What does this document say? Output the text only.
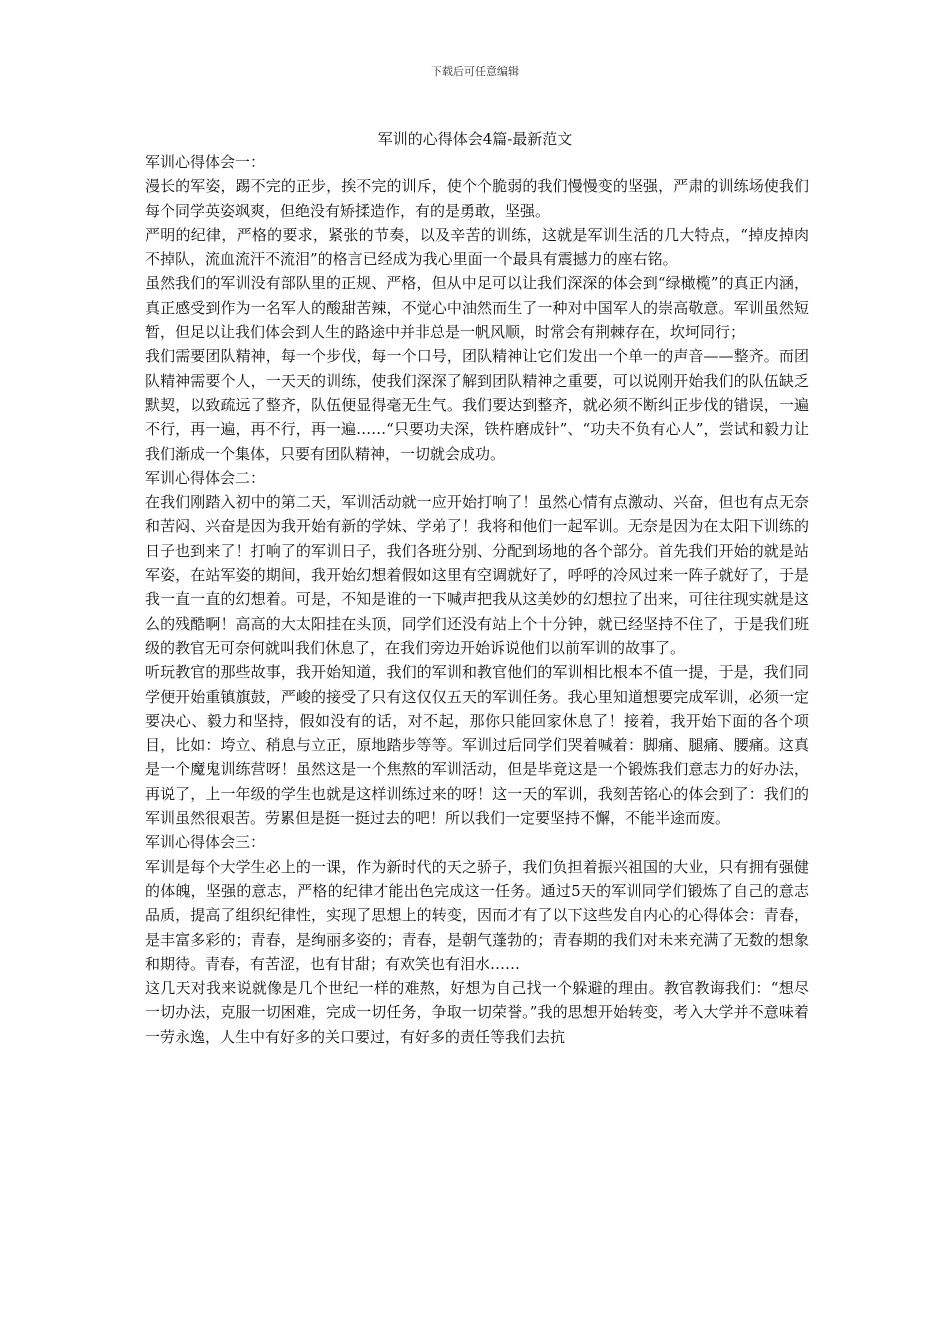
下载后可任意编辑
军训的心得体会4篇-最新范文

军训心得体会一：

漫长的军姿，踢不完的正步，挨不完的训斥，使个个脆弱的我们慢慢变的坚强，严肃的训练场使我们每个同学英姿飒爽，但绝没有矫揉造作，有的是勇敢，坚强。

严明的纪律，严格的要求，紧张的节奏，以及辛苦的训练，这就是军训生活的几大特点，“掉皮掉肉不掉队，流血流汗不流泪”的格言已经成为我心里面一个最具有震撼力的座右铭。

虽然我们的军训没有部队里的正规、严格，但从中足可以让我们深深的体会到“绿橄榄”的真正内涵，真正感受到作为一名军人的酸甜苦辣，不觉心中油然而生了一种对中国军人的崇高敬意。军训虽然短暂，但足以让我们体会到人生的路途中并非总是一帆风顺，时常会有荆棘存在，坎坷同行；

我们需要团队精神，每一个步伐，每一个口号，团队精神让它们发出一个单一的声音——整齐。而团队精神需要个人，一天天的训练，使我们深深了解到团队精神之重要，可以说刚开始我们的队伍缺乏默契，以致疏远了整齐，队伍便显得毫无生气。我们要达到整齐，就必须不断纠正步伐的错误，一遍不行，再一遍，再不行，再一遍……“只要功夫深，铁杵磨成针”、“功夫不负有心人”，尝试和毅力让我们渐成一个集体，只要有团队精神，一切就会成功。

军训心得体会二：

在我们刚踏入初中的第二天，军训活动就一应开始打响了！虽然心情有点激动、兴奋，但也有点无奈和苦闷、兴奋是因为我开始有新的学妹、学弟了！我将和他们一起军训。无奈是因为在太阳下训练的日子也到来了！打响了的军训日子，我们各班分别、分配到场地的各个部分。首先我们开始的就是站军姿，在站军姿的期间，我开始幻想着假如这里有空调就好了，呼呼的冷风过来一阵子就好了，于是我一直一直的幻想着。可是，不知是谁的一下喊声把我从这美妙的幻想拉了出来，可往往现实就是这么的残酷啊！高高的大太阳挂在头顶，同学们还没有站上个十分钟，就已经坚持不住了，于是我们班级的教官无可奈何就叫我们休息了，在我们旁边开始诉说他们以前军训的故事了。

听玩教官的那些故事，我开始知道，我们的军训和教官他们的军训相比根本不值一提，于是，我们同学便开始重镇旗鼓，严峻的接受了只有这仅仅五天的军训任务。我心里知道想要完成军训，必须一定要决心、毅力和坚持，假如没有的话，对不起，那你只能回家休息了！接着，我开始下面的各个项目，比如：垮立、稍息与立正，原地踏步等等。军训过后同学们哭着喊着：脚痛、腿痛、腰痛。这真是一个魔鬼训练营呀！虽然这是一个焦熬的军训活动，但是毕竟这是一个锻炼我们意志力的好办法，再说了，上一年级的学生也就是这样训练过来的呀！这一天的军训，我刻苦铭心的体会到了：我们的军训虽然很艰苦。劳累但是挺一挺过去的吧！所以我们一定要坚持不懈，不能半途而废。

军训心得体会三：

军训是每个大学生必上的一课，作为新时代的天之骄子，我们负担着振兴祖国的大业，只有拥有强健的体魄，坚强的意志，严格的纪律才能出色完成这一任务。通过5天的军训同学们锻炼了自己的意志品质，提高了组织纪律性，实现了思想上的转变，因而才有了以下这些发自内心的心得体会：青春，是丰富多彩的；青春，是绚丽多姿的；青春，是朝气蓬勃的；青春期的我们对未来充满了无数的想象和期待。青春，有苦涩，也有甘甜；有欢笑也有泪水……

这几天对我来说就像是几个世纪一样的难熬，好想为自己找一个躲避的理由。教官教诲我们：“想尽一切办法，克服一切困难，完成一切任务，争取一切荣誉。”我的思想开始转变，考入大学并不意味着一劳永逸，人生中有好多的关口要过，有好多的责任等我们去抗
